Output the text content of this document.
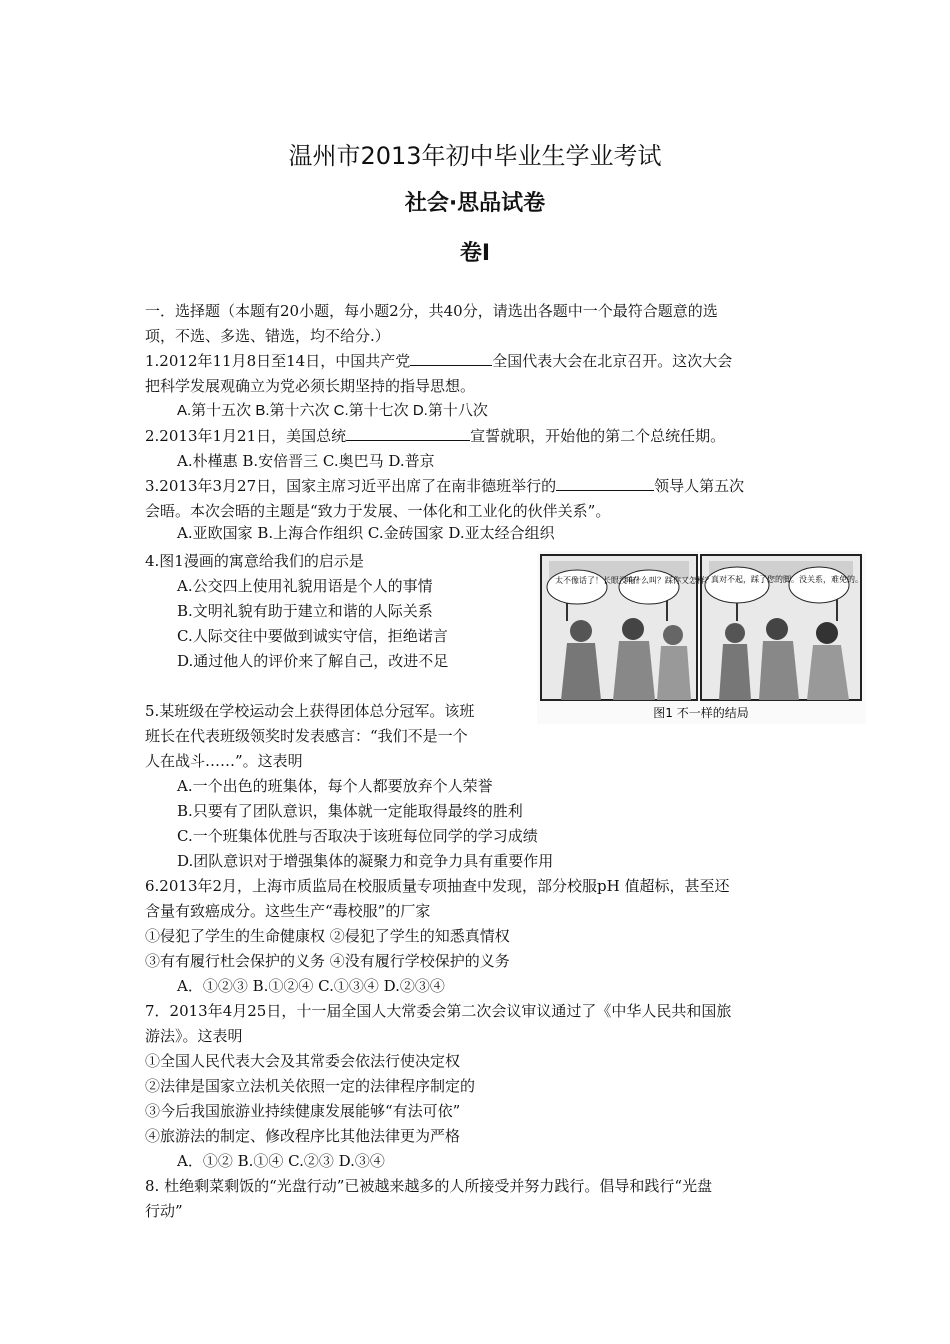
温州市2013年初中毕业生学业考试
社会·思品试卷
卷Ⅰ
一．选择题（本题有20小题，每小题2分，共40分，请选出各题中一个最符合题意的选
项，不选、多选、错选，均不给分.）
1.2012年11月8日至14日，中国共产党	全国代表大会在北京召开。这次大会
把科学发展观确立为党必须长期坚持的指导思想。
A.第十五次 B.第十六次 C.第十七次 D.第十八次
2.2013年1月21日，美国总统	宣誓就职，开始他的第二个总统任期。
A.朴槿惠 B.安倍晋三 C.奥巴马 D.普京
3.2013年3月27日，国家主席习近平出席了在南非德班举行的	领导人第五次
会晤。本次会晤的主题是“致力于发展、一体化和工业化的伙伴关系”。
A.亚欧国家 B.上海合作组织 C.金砖国家 D.亚太经合组织
4.图1漫画的寓意给我们的启示是
A.公交四上使用礼貌用语是个人的事情
B.文明礼貌有助于建立和谐的人际关系
C.人际交往中要做到诚实守信，拒绝诺言
D.通过他人的评价来了解自己，改进不足
太不像话了！长眼没有？
叫什么叫？踩你又怎样？
真对不起，踩了您的脚。 没关系，难免的。
图1 不一样的结局
5.某班级在学校运动会上获得团体总分冠军。该班
班长在代表班级领奖时发表感言：“我们不是一个
人在战斗……”。这表明
A.一个出色的班集体，每个人都要放弃个人荣誉
B.只要有了团队意识，集体就一定能取得最终的胜利
C.一个班集体优胜与否取决于该班每位同学的学习成绩
D.团队意识对于增强集体的凝聚力和竞争力具有重要作用
6.2013年2月，上海市质监局在校服质量专项抽查中发现，部分校服pH 值超标，甚至还
含量有致癌成分。这些生产“毒校服”的厂家
①侵犯了学生的生命健康权 ②侵犯了学生的知悉真情权
③有有履行杜会保护的义务 ④没有履行学校保护的义务
A．①②③ B.①②④ C.①③④ D.②③④
7．2013年4月25日，十一届全国人大常委会第二次会议审议通过了《中华人民共和国旅
游法》。这表明
①全国人民代表大会及其常委会依法行使决定权
②法律是国家立法机关依照一定的法律程序制定的
③今后我国旅游业持续健康发展能够“有法可依”
④旅游法的制定、修改程序比其他法律更为严格
A．①② B.①④ C.②③ D.③④
8. 杜绝剩菜剩饭的“光盘行动”已被越来越多的人所接受并努力践行。倡导和践行“光盘
行动”
